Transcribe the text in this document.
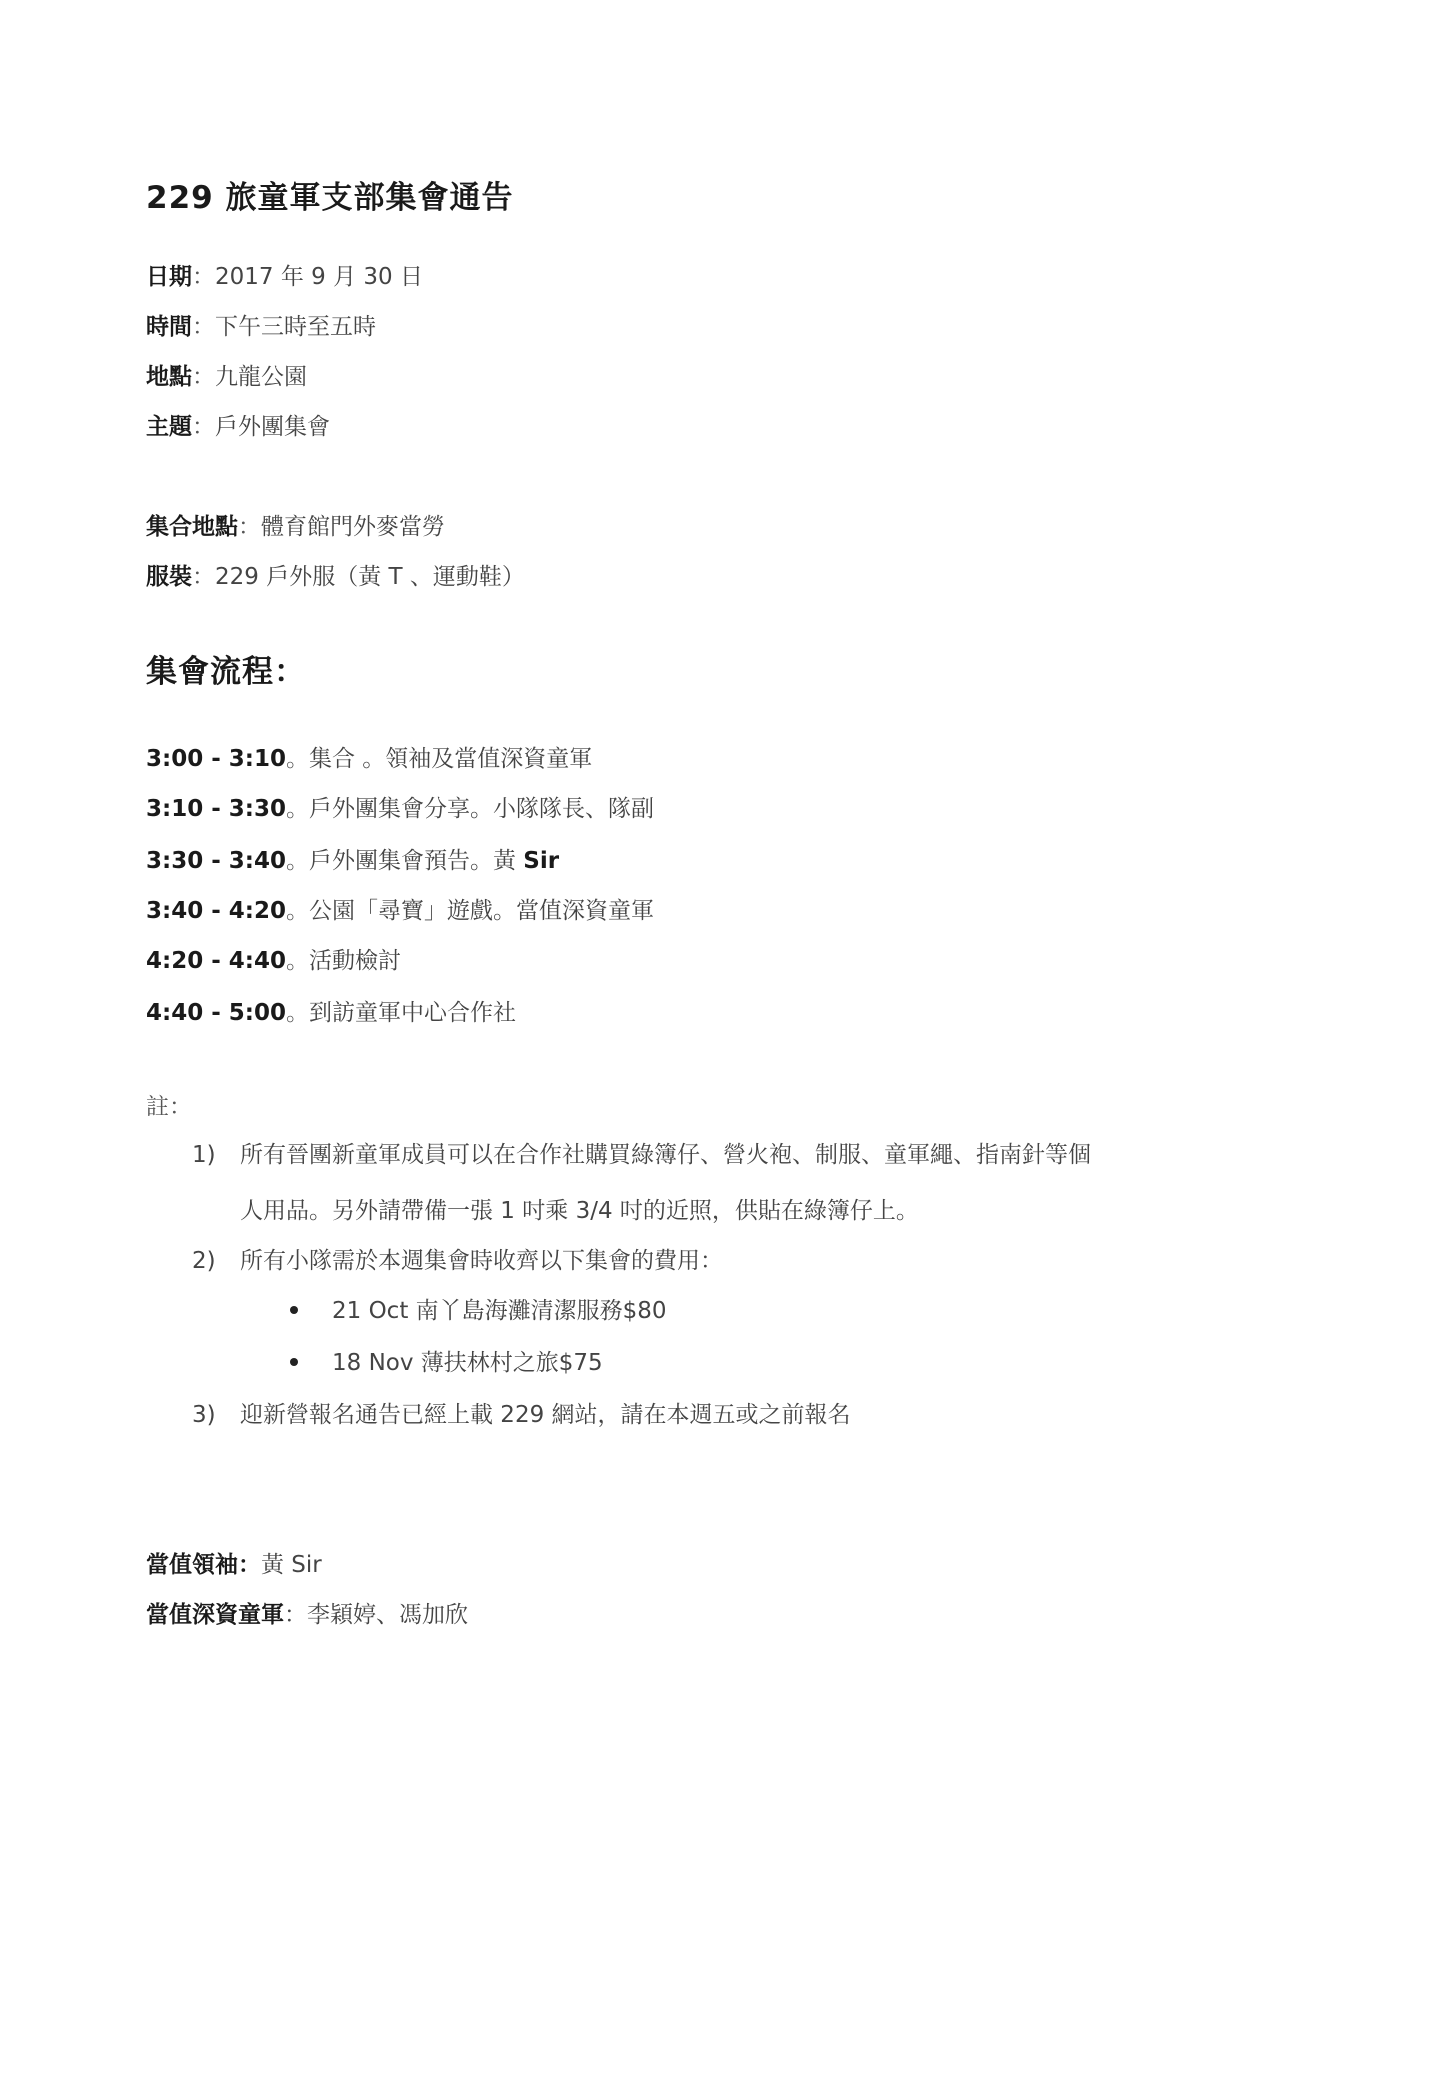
229 旅童軍支部集會通告
日期：2017 年 9 月 30 日
時間：下午三時至五時
地點：九龍公園
主題：戶外團集會
集合地點：體育館門外麥當勞
服裝：229 戶外服（黃 T 、運動鞋）
集會流程：
3:00 - 3:10。集合 。領袖及當值深資童軍
3:10 - 3:30。戶外團集會分享。小隊隊長、隊副
3:30 - 3:40。戶外團集會預告。黃 Sir
3:40 - 4:20。公園「尋寶」遊戲。當值深資童軍
4:20 - 4:40。活動檢討
4:40 - 5:00。到訪童軍中心合作社
註：
1) 所有晉團新童軍成員可以在合作社購買綠簿仔、營火袍、制服、童軍繩、指南針等個
人用品。另外請帶備一張 1 吋乘 3/4 吋的近照，供貼在綠簿仔上。
2) 所有小隊需於本週集會時收齊以下集會的費用：
21 Oct 南丫島海灘清潔服務$80
18 Nov 薄扶林村之旅$75
3) 迎新營報名通告已經上載 229 網站，請在本週五或之前報名
當值領袖：黃 Sir
當值深資童軍：李穎婷、馮加欣
